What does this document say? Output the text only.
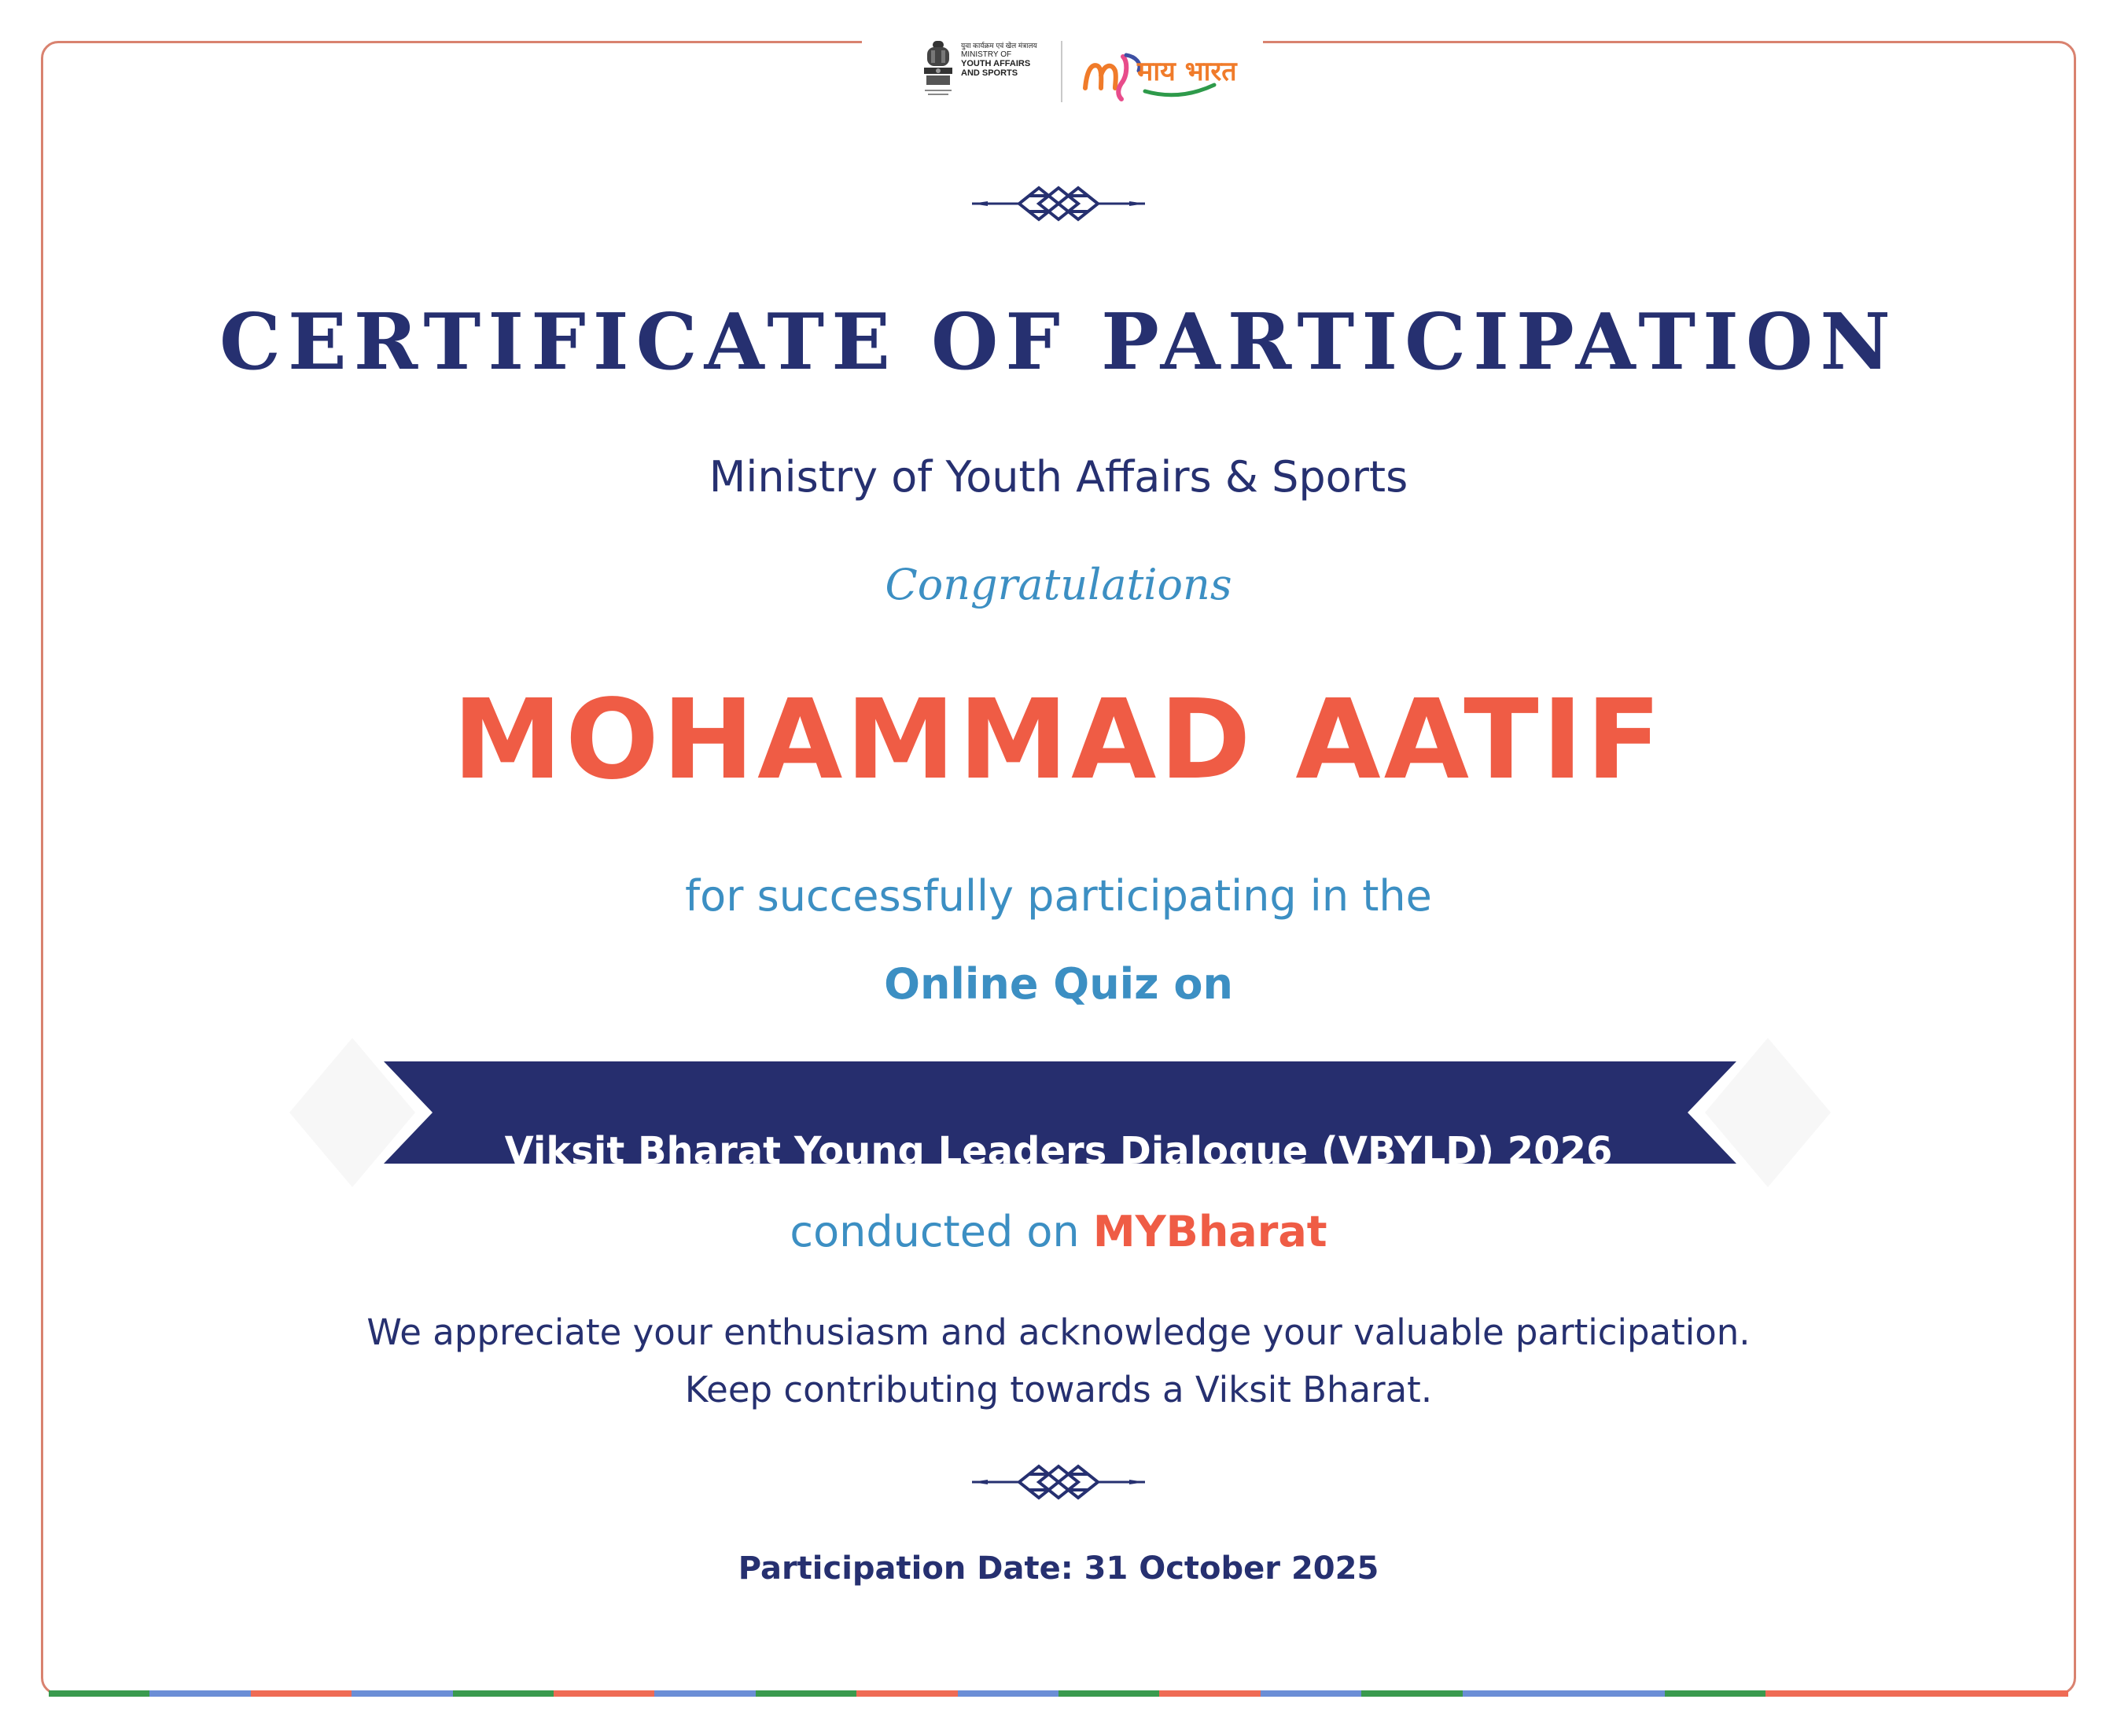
युवा कार्यक्रम एवं खेल मंत्रालय
MINISTRY OF
YOUTH AFFAIRS
AND SPORTS	माय भारत
CERTIFICATE OF PARTICIPATION

Ministry of Youth Affairs & Sports

Congratulations

MOHAMMAD AATIF

for successfully participating in the

Online Quiz on

Viksit Bharat Young Leaders Dialogue (VBYLD) 2026

conducted on MYBharat

We appreciate your enthusiasm and acknowledge your valuable participation.

Keep contributing towards a Viksit Bharat.

Participation Date: 31 October 2025
